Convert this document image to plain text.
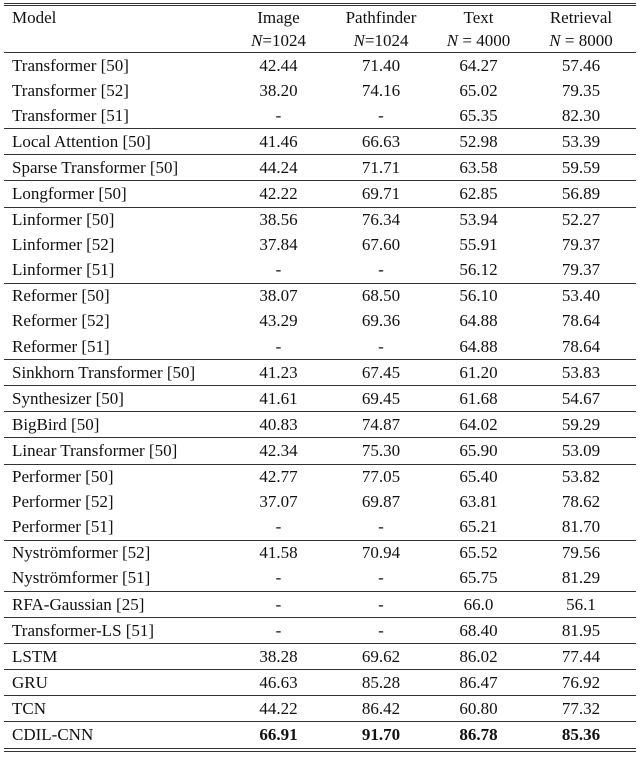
Model	Image	Pathfinder	Text	Retrieval
	N=1024	N=1024	N = 4000	N = 8000
Transformer [50]	42.44	71.40	64.27	57.46
Transformer [52]	38.20	74.16	65.02	79.35
Transformer [51]	-	-	65.35	82.30
Local Attention [50]	41.46	66.63	52.98	53.39
Sparse Transformer [50]	44.24	71.71	63.58	59.59
Longformer [50]	42.22	69.71	62.85	56.89
Linformer [50]	38.56	76.34	53.94	52.27
Linformer [52]	37.84	67.60	55.91	79.37
Linformer [51]	-	-	56.12	79.37
Reformer [50]	38.07	68.50	56.10	53.40
Reformer [52]	43.29	69.36	64.88	78.64
Reformer [51]	-	-	64.88	78.64
Sinkhorn Transformer [50]	41.23	67.45	61.20	53.83
Synthesizer [50]	41.61	69.45	61.68	54.67
BigBird [50]	40.83	74.87	64.02	59.29
Linear Transformer [50]	42.34	75.30	65.90	53.09
Performer [50]	42.77	77.05	65.40	53.82
Performer [52]	37.07	69.87	63.81	78.62
Performer [51]	-	-	65.21	81.70
Nyströmformer [52]	41.58	70.94	65.52	79.56
Nyströmformer [51]	-	-	65.75	81.29
RFA-Gaussian [25]	-	-	66.0	56.1
Transformer-LS [51]	-	-	68.40	81.95
LSTM	38.28	69.62	86.02	77.44
GRU	46.63	85.28	86.47	76.92
TCN	44.22	86.42	60.80	77.32
CDIL-CNN	66.91	91.70	86.78	85.36
